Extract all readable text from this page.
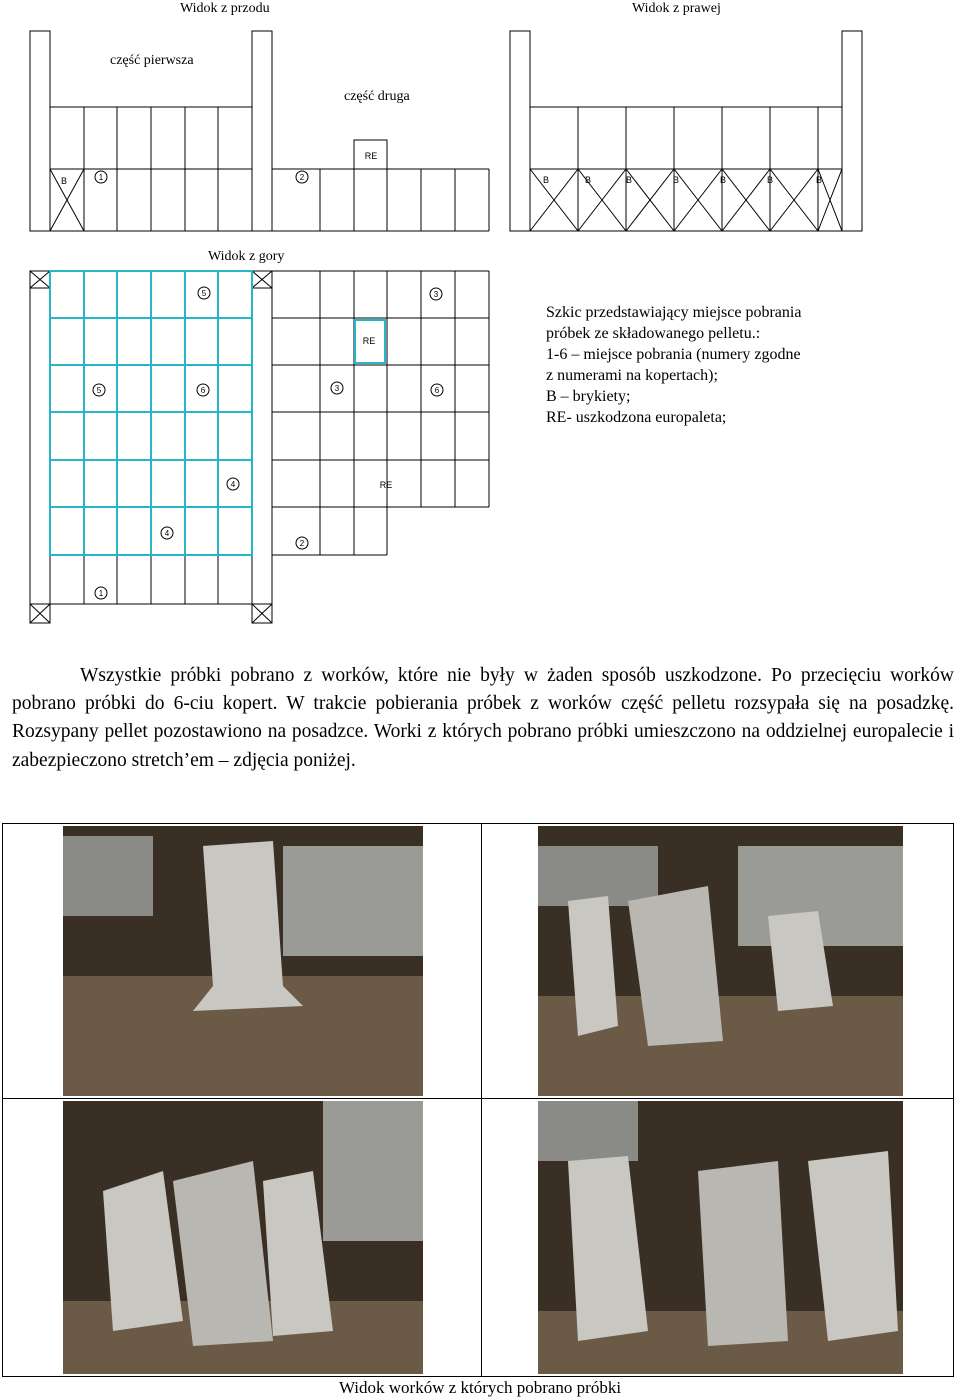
Widok z przodu	Widok z prawej
część pierwsza
część druga
Widok z gory
B
RE
1	2	B	B	B	B	B	B	B
RE
RE
5	3
5	6	3	6
4
4
2
1
Szkic przedstawiający miejsce pobrania
próbek ze składowanego pelletu.:
1-6 – miejsce pobrania (numery zgodne
z numerami na kopertach);
B – brykiety;
RE- uszkodzona europaleta;

Wszystkie próbki pobrano z worków, które nie były w żaden sposób uszkodzone. Po przecięciu worków pobrano próbki do 6-ciu kopert. W trakcie pobierania próbek z worków część pelletu rozsypała się na posadzkę. Rozsypany pellet pozostawiono na posadzce. Worki z których pobrano próbki umieszczono na oddzielnej europalecie i zabezpieczono stretch’em – zdjęcia poniżej.

Widok worków z których pobrano próbki
